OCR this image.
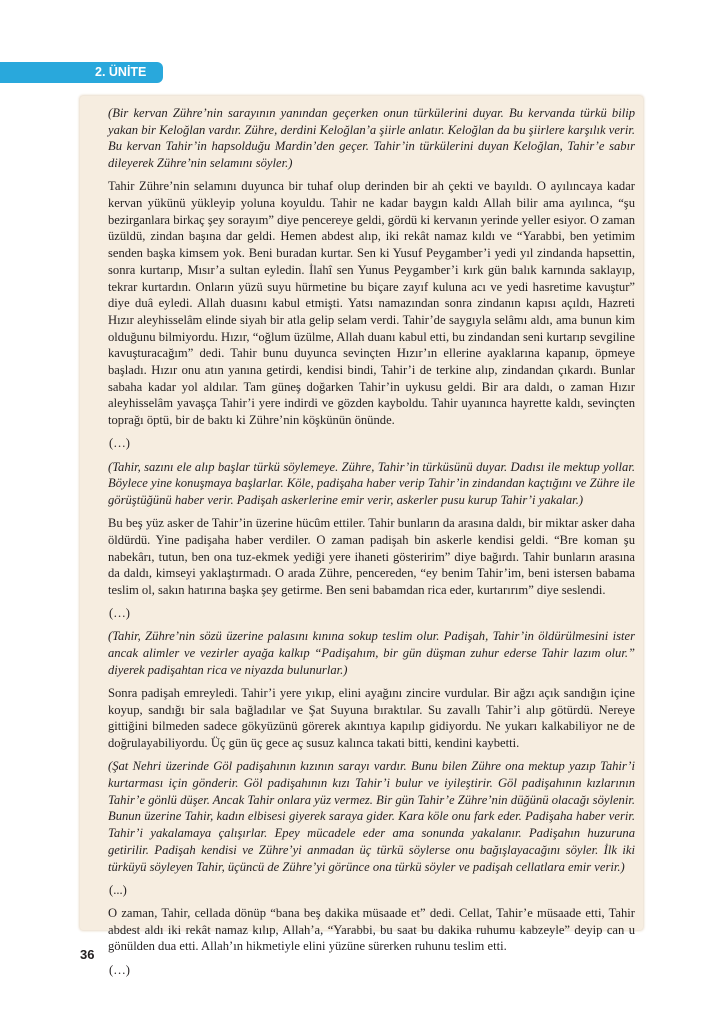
2. ÜNİTE

(Bir kervan Zühre’nin sarayının yanından geçerken onun türkülerini duyar. Bu kervanda türkü bilip yakan bir Keloğlan vardır. Zühre, derdini Keloğlan’a şiirle anlatır. Keloğlan da bu şiirlere karşılık verir. Bu kervan Tahir’in hapsolduğu Mardin’den geçer. Tahir’in türkülerini duyan Keloğlan, Tahir’e sabır dileyerek Zühre’nin selamını söyler.)

Tahir Zühre’nin selamını duyunca bir tuhaf olup derinden bir ah çekti ve bayıldı. O ayılıncaya kadar kervan yükünü yükleyip yoluna koyuldu. Tahir ne kadar baygın kaldı Allah bilir ama ayılınca, “şu bezirganlara birkaç şey sorayım” diye pencereye geldi, gördü ki kervanın yerinde yeller esiyor. O zaman üzüldü, zindan başına dar geldi. Hemen abdest alıp, iki rekât namaz kıldı ve “Yarabbi, ben yetimim senden başka kimsem yok. Beni buradan kurtar. Sen ki Yusuf Peygamber’i yedi yıl zindanda hapsettin, sonra kurtarıp, Mısır’a sultan eyledin. İlahî sen Yunus Peygamber’i kırk gün balık karnında saklayıp, tekrar kurtardın. Onların yüzü suyu hürmetine bu biçare zayıf kuluna acı ve yedi hasretime kavuştur” diye duâ eyledi. Allah duasını kabul etmişti. Yatsı namazından sonra zindanın kapısı açıldı, Hazreti Hızır aleyhisselâm elinde siyah bir atla gelip selam verdi. Tahir’de saygıyla selâmı aldı, ama bunun kim olduğunu bilmiyordu. Hızır, “oğlum üzülme, Allah duanı kabul etti, bu zindandan seni kurtarıp sevgiline kavuşturacağım” dedi. Tahir bunu duyunca sevinçten Hızır’ın ellerine ayaklarına kapanıp, öpmeye başladı. Hızır onu atın yanına getirdi, kendisi bindi, Tahir’i de terkine alıp, zindandan çıkardı. Bunlar sabaha kadar yol aldılar. Tam güneş doğarken Tahir’in uykusu geldi. Bir ara daldı, o zaman Hızır aleyhisselâm yavaşça Tahir’i yere indirdi ve gözden kayboldu. Tahir uyanınca hayrette kaldı, sevinçten toprağı öptü, bir de baktı ki Zühre’nin köşkünün önünde.

(…)

(Tahir, sazını ele alıp başlar türkü söylemeye. Zühre, Tahir’in türküsünü duyar. Dadısı ile mektup yollar. Böylece yine konuşmaya başlarlar. Köle, padişaha haber verip Tahir’in zindandan kaçtığını ve Zühre ile görüştüğünü haber verir. Padişah askerlerine emir verir, askerler pusu kurup Tahir’i yakalar.)

Bu beş yüz asker de Tahir’in üzerine hücûm ettiler. Tahir bunların da arasına daldı, bir miktar asker daha öldürdü. Yine padişaha haber verdiler. O zaman padişah bin askerle kendisi geldi. “Bre koman şu nabekârı, tutun, ben ona tuz-ekmek yediği yere ihaneti gösteririm” diye bağırdı. Tahir bunların arasına da daldı, kimseyi yaklaştırmadı. O arada Zühre, pencereden, “ey benim Tahir’im, beni istersen babama teslim ol, sakın hatırına başka şey getirme. Ben seni babamdan rica eder, kurtarırım” diye seslendi.

(…)

(Tahir, Zühre’nin sözü üzerine palasını kınına sokup teslim olur. Padişah, Tahir’in öldürülmesini ister ancak alimler ve vezirler ayağa kalkıp “Padişahım, bir gün düşman zuhur ederse Tahir lazım olur.” diyerek padişahtan rica ve niyazda bulunurlar.)

Sonra padişah emreyledi. Tahir’i yere yıkıp, elini ayağını zincire vurdular. Bir ağzı açık sandığın içine koyup, sandığı bir sala bağladılar ve Şat Suyuna bıraktılar. Su zavallı Tahir’i alıp götürdü. Nereye gittiğini bilmeden sadece gökyüzünü görerek akıntıya kapılıp gidiyordu. Ne yukarı kalkabiliyor ne de doğrulayabiliyordu. Üç gün üç gece aç susuz kalınca takati bitti, kendini kaybetti.

(Şat Nehri üzerinde Göl padişahının kızının sarayı vardır. Bunu bilen Zühre ona mektup yazıp Tahir’i kurtarması için gönderir. Göl padişahının kızı Tahir’i bulur ve iyileştirir. Göl padişahının kızlarının Tahir’e gönlü düşer. Ancak Tahir onlara yüz vermez. Bir gün Tahir’e Zühre’nin düğünü olacağı söylenir. Bunun üzerine Tahir, kadın elbisesi giyerek saraya gider. Kara köle onu fark eder. Padişaha haber verir. Tahir’i yakalamaya çalışırlar. Epey mücadele eder ama sonunda yakalanır. Padişahın huzuruna getirilir. Padişah kendisi ve Zühre’yi anmadan üç türkü söylerse onu bağışlayacağını söyler. İlk iki türküyü söyleyen Tahir, üçüncü de Zühre’yi görünce ona türkü söyler ve padişah cellatlara emir verir.)

(...)

O zaman, Tahir, cellada dönüp “bana beş dakika müsaade et” dedi. Cellat, Tahir’e müsaade etti, Tahir abdest aldı iki rekât namaz kılıp, Allah’a, “Yarabbi, bu saat bu dakika ruhumu kabzeyle” deyip can u gönülden dua etti. Allah’ın hikmetiyle elini yüzüne sürerken ruhunu teslim etti.

(…)

36
